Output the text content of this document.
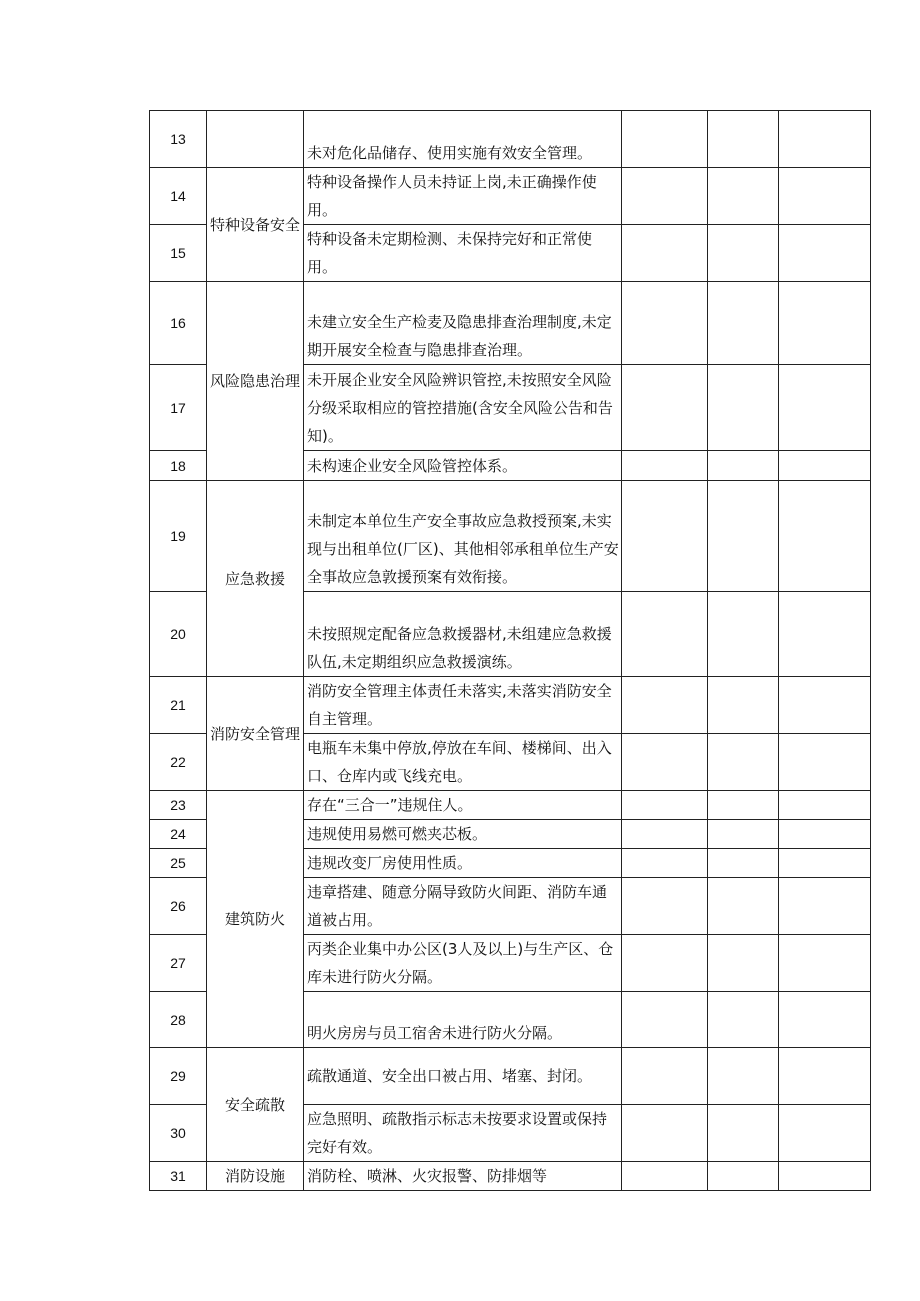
13		未对危化品储存、使用实施有效安全管理。			
14	特种设备安全	特种设备操作人员未持证上岗,未正确操作使用。			
15		特种设备未定期检测、未保持完好和正常使用。			
16	风险隐患治理	未建立安全生产检麦及隐患排查治理制度,未定期开展安全检查与隐患排查治理。			
17		未开展企业安全风险辨识管控,未按照安全风险分级采取相应的管控措施(含安全风险公告和告知)。			
18		未构速企业安全风险管控体系。			
19	应急救援	未制定本单位生产安全事故应急救授预案,未实现与出租单位(厂区)、其他相邻承租单位生产安全事故应急敦援预案有效衔接。			
20		未按照规定配备应急救援器材,未组建应急救援队伍,未定期组织应急救援演练。			
21	消防安全管理	消防安全管理主体责任未落实,未落实消防安全自主管理。			
22		电瓶车未集中停放,停放在车间、楼梯间、出入口、仓库内或飞线充电。			
23	建筑防火	存在“三合一”违规住人。			
24		违规使用易燃可燃夹芯板。			
25		违规改变厂房使用性质。			
26		违章搭建、随意分隔导致防火间距、消防车通道被占用。			
27		丙类企业集中办公区(3人及以上)与生产区、仓库未进行防火分隔。			
28		明火房房与员工宿舍未进行防火分隔。			
29	安全疏散	疏散通道、安全出口被占用、堵塞、封闭。			
30		应急照明、疏散指示标志未按要求设置或保持完好有效。			
31	消防设施	消防栓、喷淋、火灾报警、防排烟等			
